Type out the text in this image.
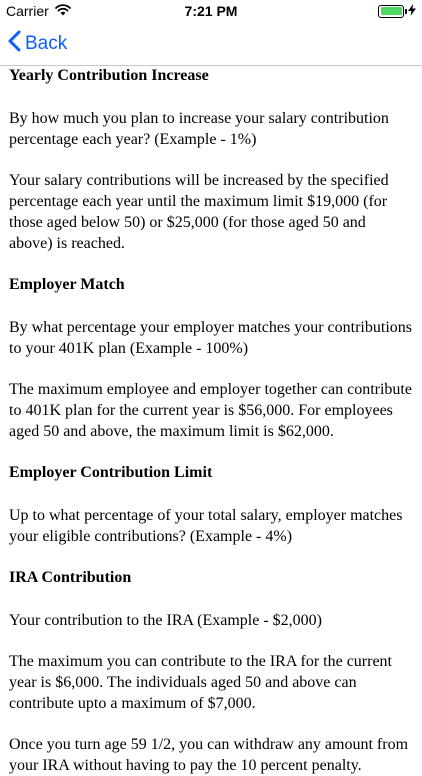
Carrier	7:21 PM
Back
Yearly Contribution Increase
By how much you plan to increase your salary contribution percentage each year? (Example - 1%)
Your salary contributions will be increased by the specified percentage each year until the maximum limit $19,000 (for those aged below 50) or $25,000 (for those aged 50 and above) is reached.
Employer Match
By what percentage your employer matches your contributions to your 401K plan (Example - 100%)
The maximum employee and employer together can contribute to 401K plan for the current year is $56,000. For employees aged 50 and above, the maximum limit is $62,000.
Employer Contribution Limit
Up to what percentage of your total salary, employer matches your eligible contributions? (Example - 4%)
IRA Contribution
Your contribution to the IRA (Example - $2,000)
The maximum you can contribute to the IRA for the current year is $6,000. The individuals aged 50 and above can contribute upto a maximum of $7,000.
Once you turn age 59 1/2, you can withdraw any amount from your IRA without having to pay the 10 percent penalty.
